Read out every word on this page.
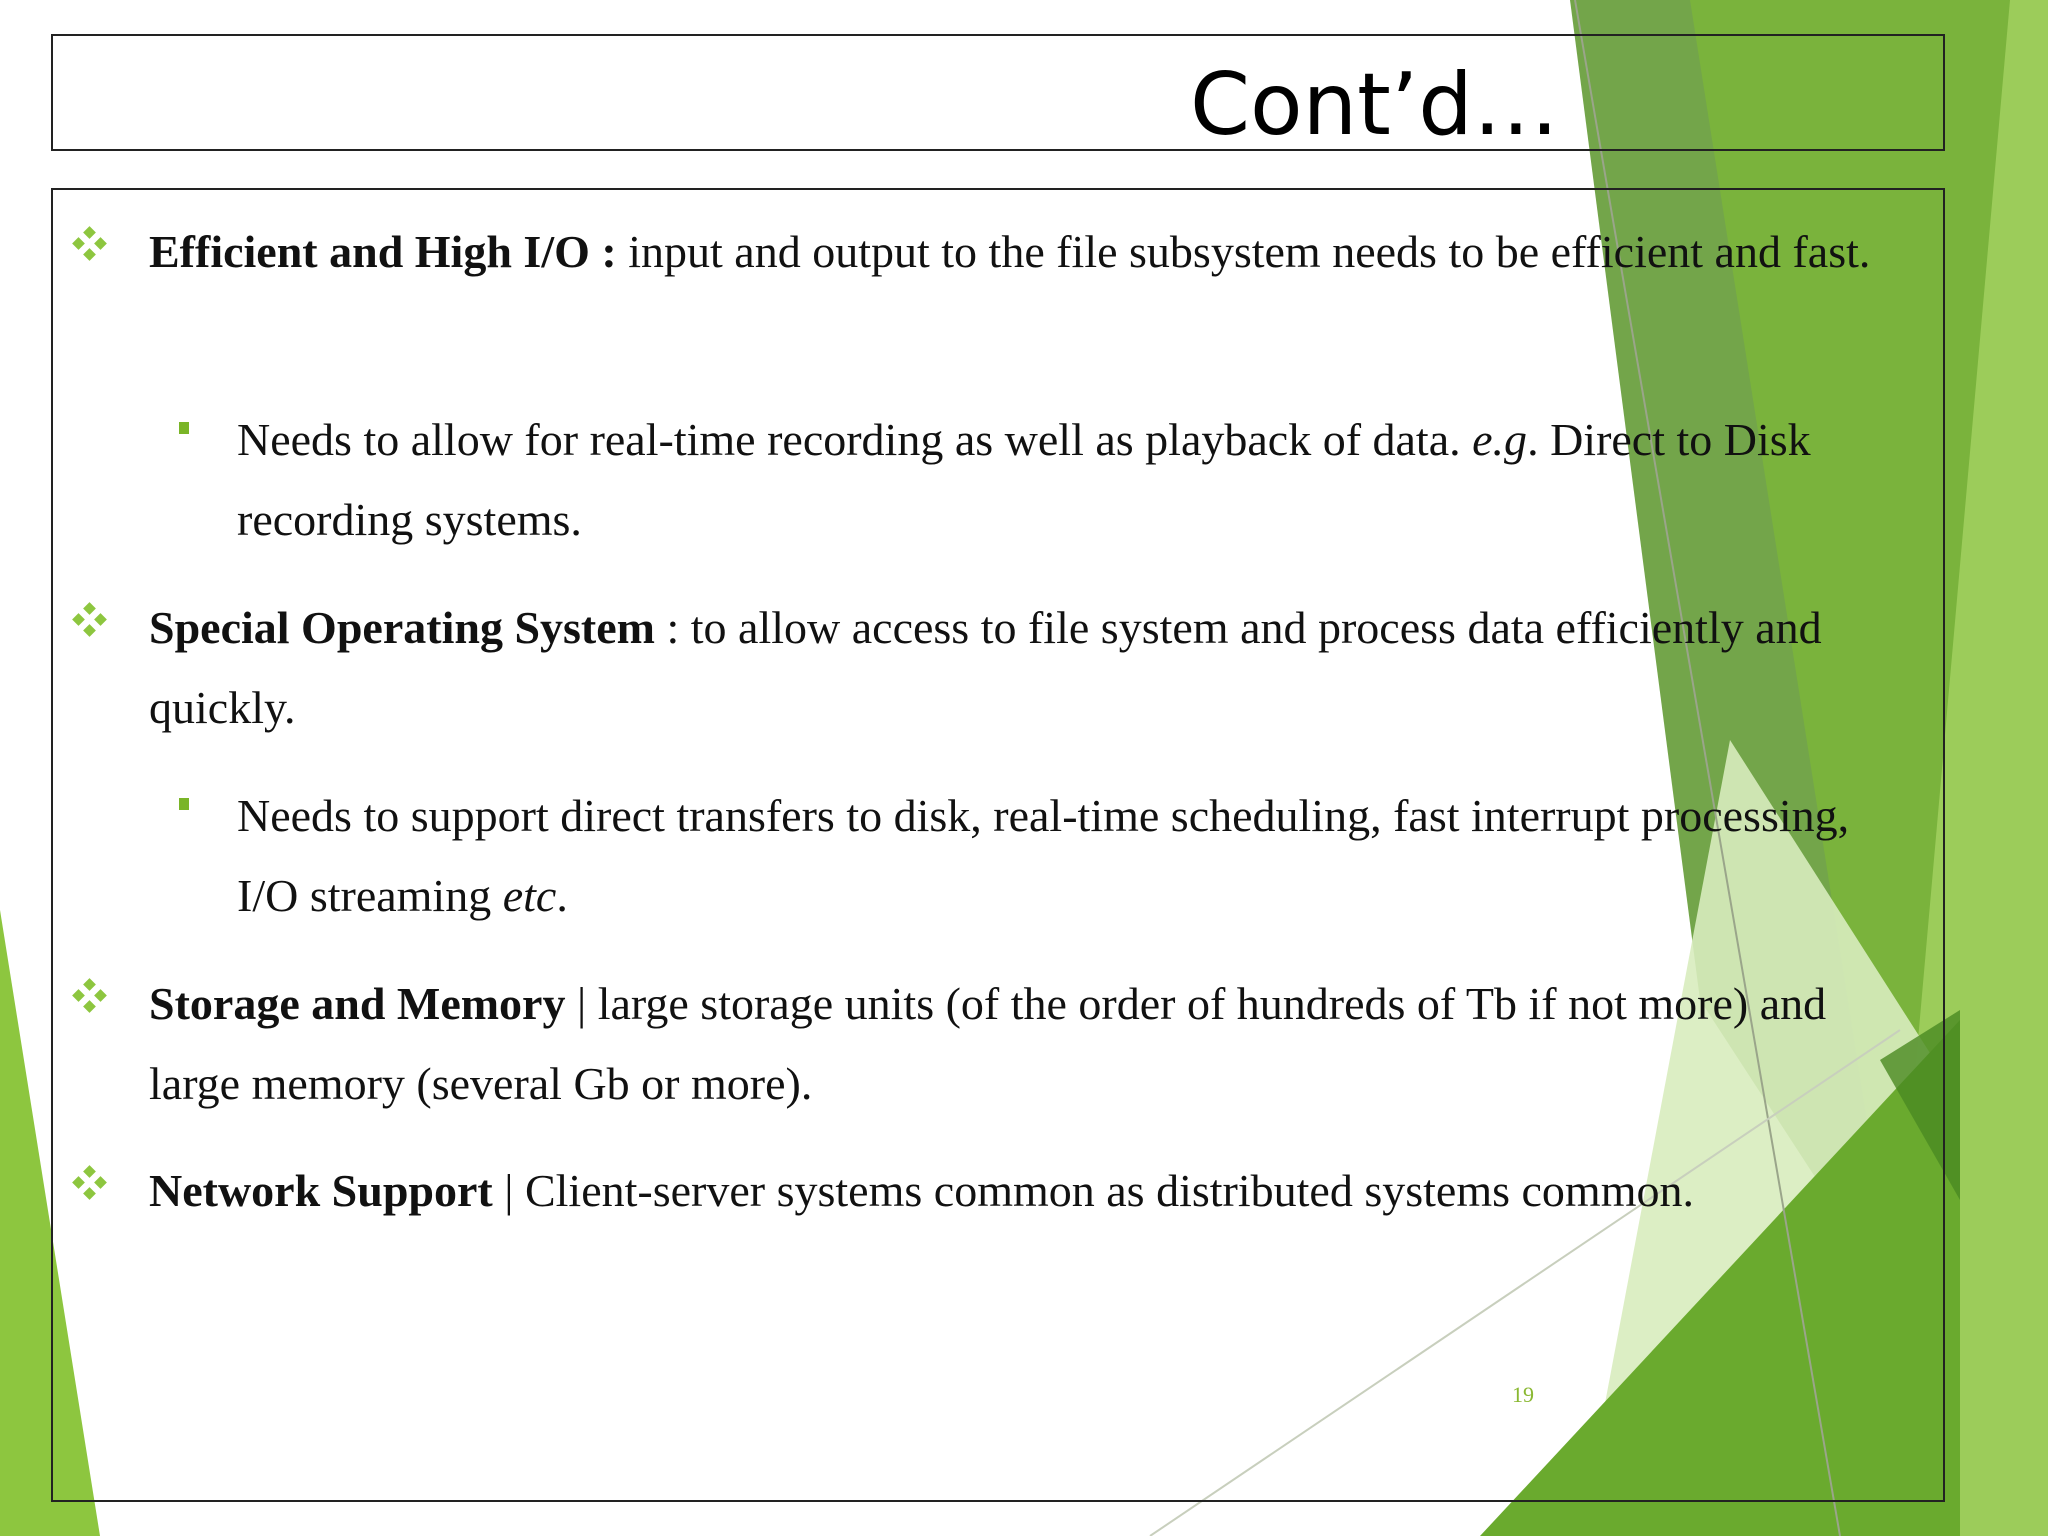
Cont’d…

Efficient and High I/O : input and output to the file subsystem needs to be efficient and fast.

Needs to allow for real-time recording as well as playback of data. e.g. Direct to Disk recording systems.

Special Operating System : to allow access to file system and process data efficiently and quickly.

Needs to support direct transfers to disk, real-time scheduling, fast interrupt processing, I/O streaming etc.

Storage and Memory | large storage units (of the order of hundreds of Tb if not more) and large memory (several Gb or more).

Network Support | Client-server systems common as distributed systems common.

19
